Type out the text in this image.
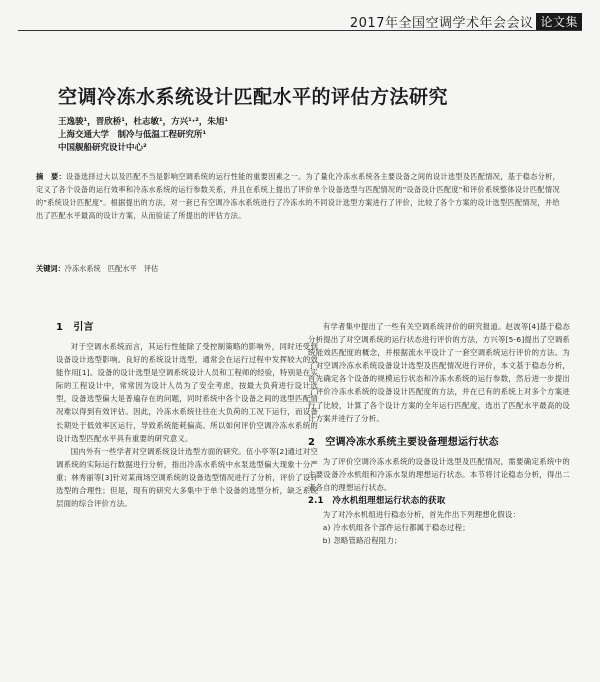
2017年全国空调学术年会会议 论文集
空调冷冻水系统设计匹配水平的评估方法研究
王逸骏¹，晋欣桥¹，杜志敏¹，方兴¹·²，朱旭¹
上海交通大学　制冷与低温工程研究所¹
中国舰船研究设计中心²
摘　要：设备选择过大以及匹配不当是影响空调系统的运行性能的重要因素之一。为了量化冷冻水系统各主要设备之间的设计选型及匹配情况，基于稳态分析，定义了各个设备的运行效率和冷冻水系统的运行参数关系，并且在系统上提出了评价单个设备选型与匹配情况的"设备设计匹配度"和评价系统整体设计匹配情况的"系统设计匹配度"。根据提出的方法，对一套已有空调冷冻水系统进行了冷冻水的不同设计选型方案进行了评价，比较了各个方案的设计选型匹配情况，并给出了匹配水平最高的设计方案，从而验证了所提出的评估方法。
关键词：冷冻水系统　匹配水平　评估
1　引言

对于空调水系统而言，其运行性能除了受控制策略的影响外，同时还受到设备设计选型影响。良好的系统设计选型，通常会在运行过程中发挥较大的效能作用[1]。设备的设计选型是空调系统设计人员和工程师的经验，特别是在实际的工程设计中，常常因为设计人员为了安全考虑，按最大负荷进行设计选型，设备选型偏大是普遍存在的问题，同时系统中各个设备之间的选型匹配情况难以得到有效评估。因此，冷冻水系统往往在大负荷的工况下运行，而设备长期处于低效率区运行，导致系统能耗偏高。所以如何评价空调冷冻水系统的设计选型匹配水平具有重要的研究意义。

国内外有一些学者对空调系统设计选型方面的研究。伍小亭等[2]通过对空调系统的实际运行数据进行分析，指出冷冻水系统中水泵选型偏大现象十分严重；林秀丽等[3]针对某商场空调系统的设备选型情况进行了分析，评价了设计选型的合理性；但是，现有的研究大多集中于单个设备的选型分析，缺乏系统层面的综合评价方法。

有学者集中提出了一些有关空调系统评价的研究报道。赵波等[4]基于稳态分析提出了对空调系统的运行状态进行评价的方法，方兴等[5-6]提出了空调系统能效匹配度的概念，并根据流水平设计了一套空调系统运行评价的方法。为了对空调冷冻水系统设备设计选型及匹配情况进行评价，本文基于稳态分析，首先确定各个设备的规模运行状态和冷冻水系统的运行参数，然后进一步提出了评价冷冻水系统的设备设计匹配度的方法，并在已有的系统上对多个方案进行了比较，计算了各个设计方案的全年运行匹配度，选出了匹配水平最高的设计方案并进行了分析。

2　空调冷冻水系统主要设备理想运行状态

为了评价空调冷冻水系统的设备设计选型及匹配情况，需要确定系统中的主要设备冷水机组和冷冻水泵的理想运行状态。本节将讨论稳态分析，得出二者各自的理想运行状态。

2.1　冷水机组理想运行状态的获取

为了对冷水机组进行稳态分析，首先作出下列理想化假设：

a) 冷水机组各个部件运行都属于稳态过程；

b) 忽略管路沿程阻力；
